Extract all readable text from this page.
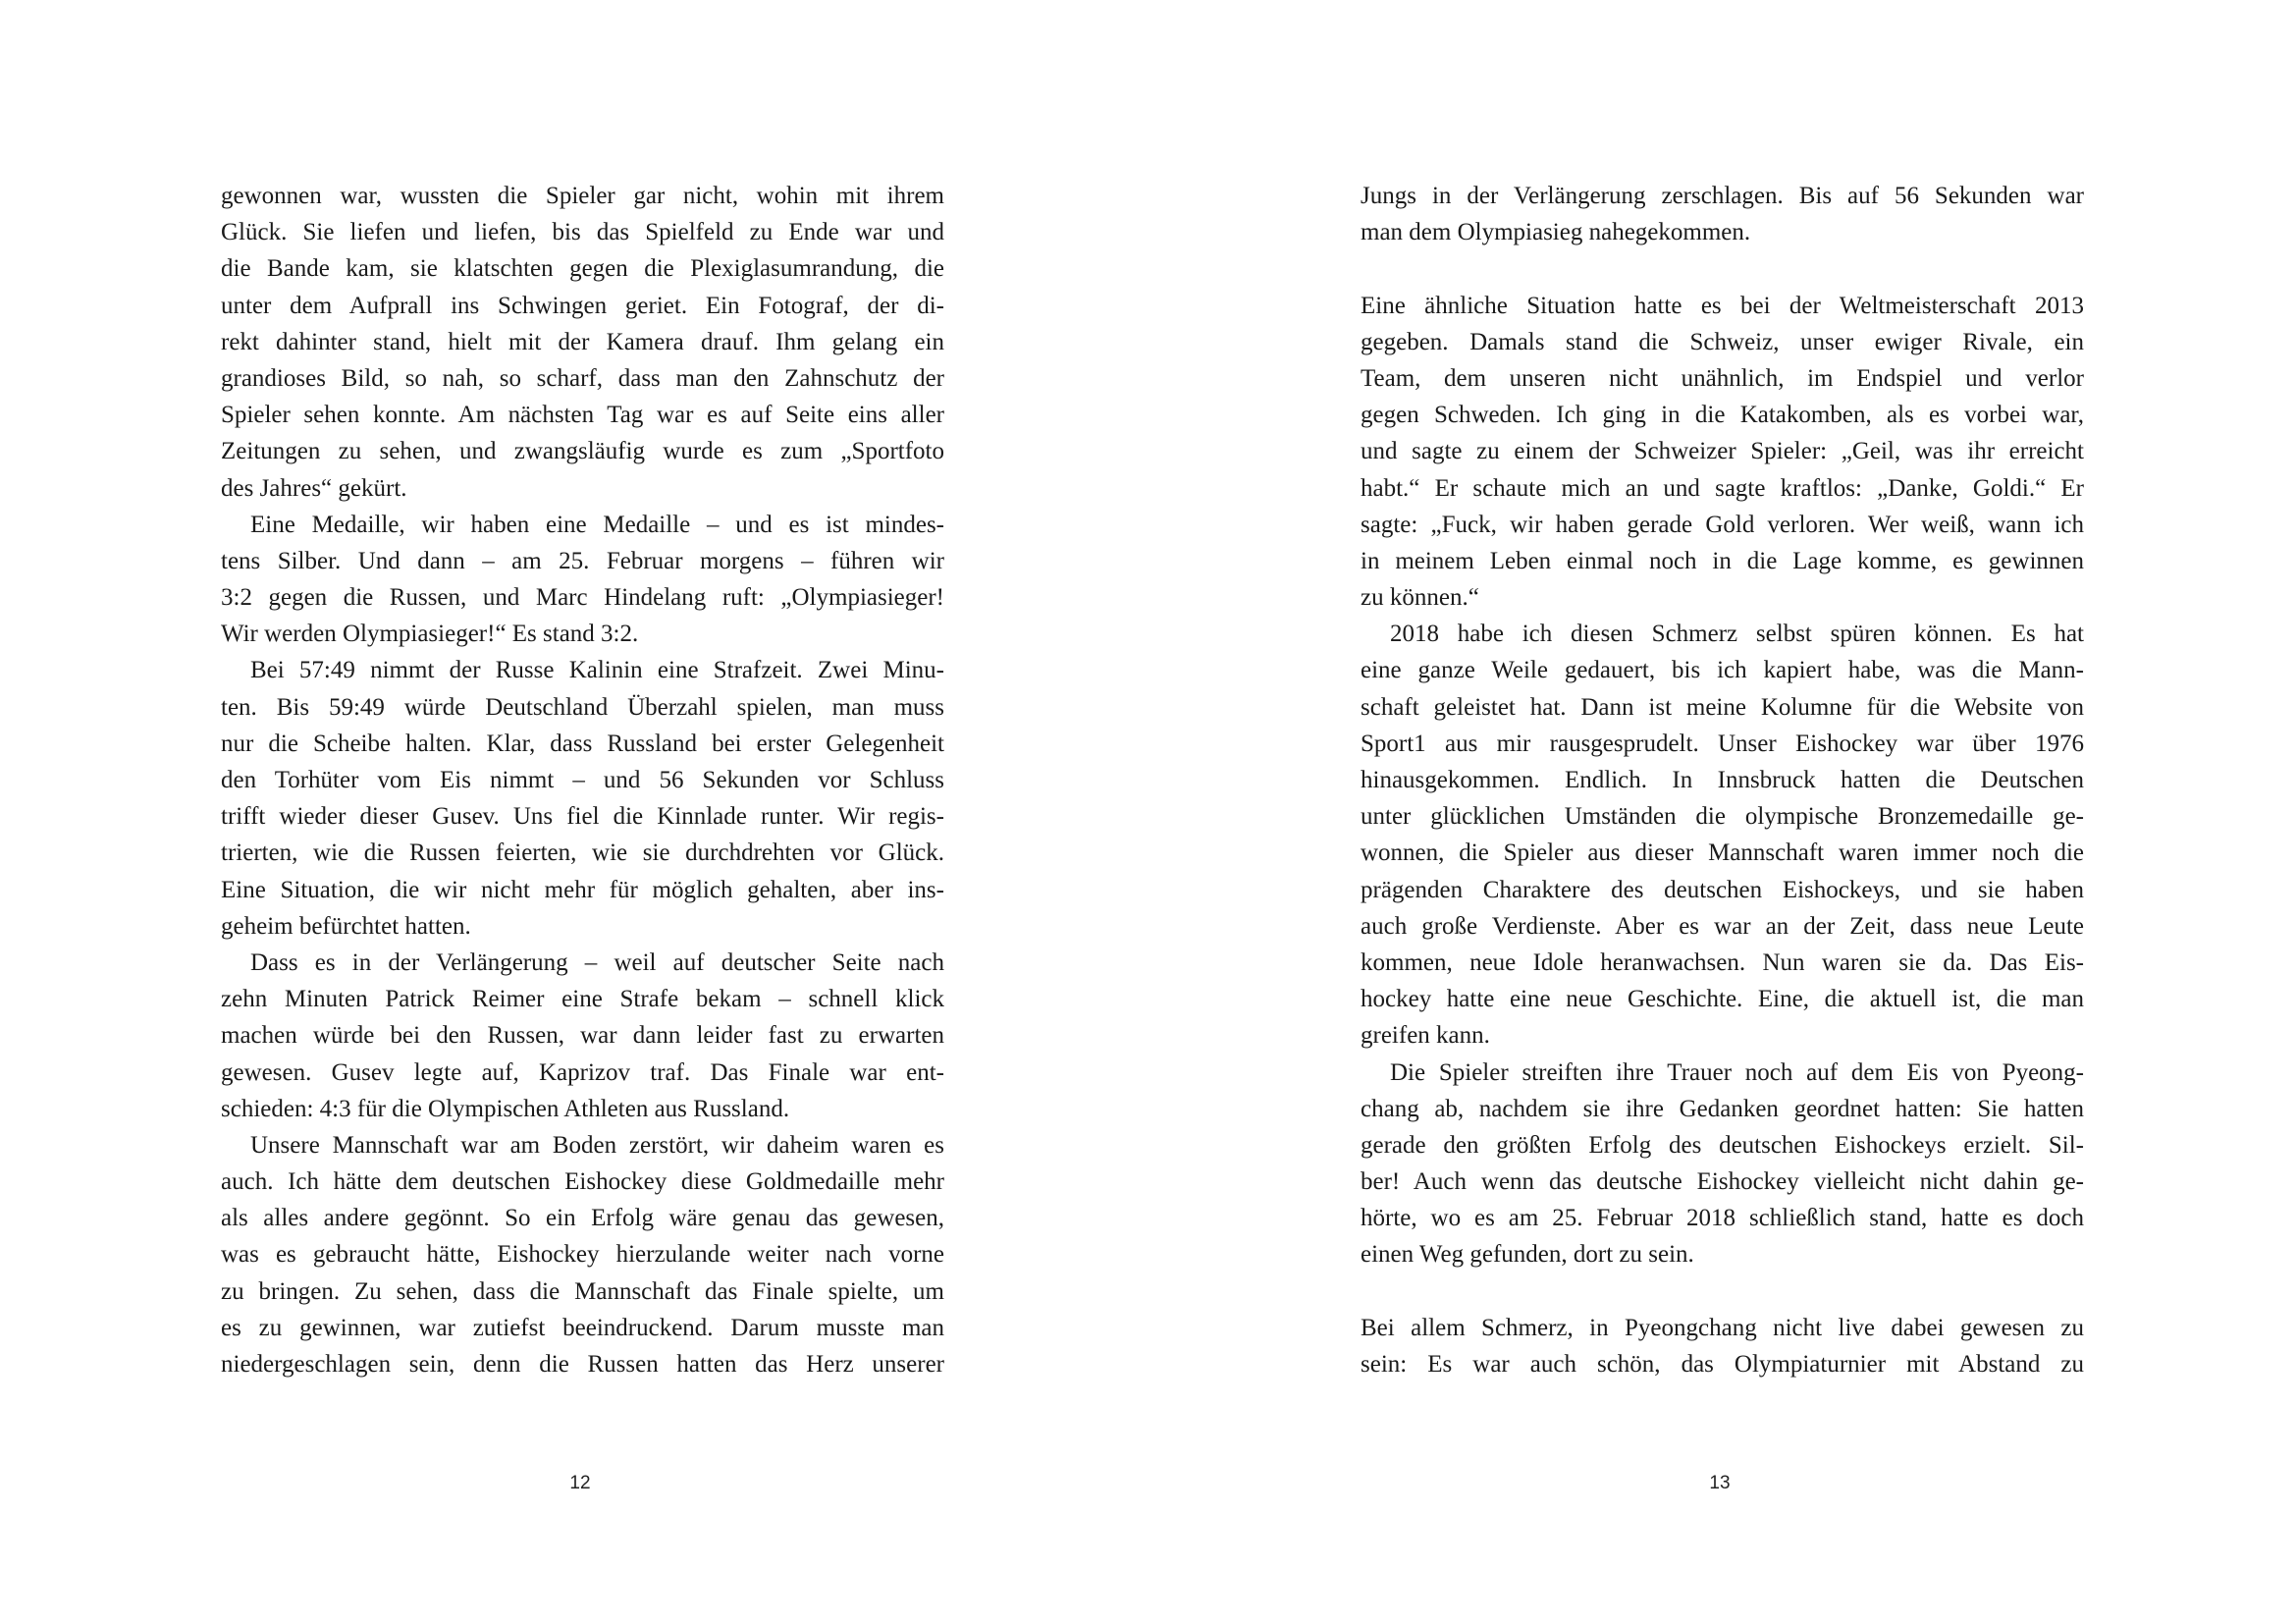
gewonnen war, wussten die Spieler gar nicht, wohin mit ihrem
Glück. Sie liefen und liefen, bis das Spielfeld zu Ende war und
die Bande kam, sie klatschten gegen die Plexiglasumrandung, die
unter dem Aufprall ins Schwingen geriet. Ein Fotograf, der di-
rekt dahinter stand, hielt mit der Kamera drauf. Ihm gelang ein
grandioses Bild, so nah, so scharf, dass man den Zahnschutz der
Spieler sehen konnte. Am nächsten Tag war es auf Seite eins aller
Zeitungen zu sehen, und zwangsläufig wurde es zum „Sportfoto
des Jahres“ gekürt.
Eine Medaille, wir haben eine Medaille – und es ist mindes-
tens Silber. Und dann – am 25. Februar morgens – führen wir
3:2 gegen die Russen, und Marc Hindelang ruft: „Olympiasieger!
Wir werden Olympiasieger!“ Es stand 3:2.
Bei 57:49 nimmt der Russe Kalinin eine Strafzeit. Zwei Minu-
ten. Bis 59:49 würde Deutschland Überzahl spielen, man muss
nur die Scheibe halten. Klar, dass Russland bei erster Gelegenheit
den Torhüter vom Eis nimmt – und 56 Sekunden vor Schluss
trifft wieder dieser Gusev. Uns fiel die Kinnlade runter. Wir regis-
trierten, wie die Russen feierten, wie sie durchdrehten vor Glück.
Eine Situation, die wir nicht mehr für möglich gehalten, aber ins-
geheim befürchtet hatten.
Dass es in der Verlängerung – weil auf deutscher Seite nach
zehn Minuten Patrick Reimer eine Strafe bekam – schnell klick
machen würde bei den Russen, war dann leider fast zu erwarten
gewesen. Gusev legte auf, Kaprizov traf. Das Finale war ent-
schieden: 4:3 für die Olympischen Athleten aus Russland.
Unsere Mannschaft war am Boden zerstört, wir daheim waren es
auch. Ich hätte dem deutschen Eishockey diese Goldmedaille mehr
als alles andere gegönnt. So ein Erfolg wäre genau das gewesen,
was es gebraucht hätte, Eishockey hierzulande weiter nach vorne
zu bringen. Zu sehen, dass die Mannschaft das Finale spielte, um
es zu gewinnen, war zutiefst beeindruckend. Darum musste man
niedergeschlagen sein, denn die Russen hatten das Herz unserer
12
Jungs in der Verlängerung zerschlagen. Bis auf 56 Sekunden war
man dem Olympiasieg nahegekommen.
Eine ähnliche Situation hatte es bei der Weltmeisterschaft 2013
gegeben. Damals stand die Schweiz, unser ewiger Rivale, ein
Team, dem unseren nicht unähnlich, im Endspiel und verlor
gegen Schweden. Ich ging in die Katakomben, als es vorbei war,
und sagte zu einem der Schweizer Spieler: „Geil, was ihr erreicht
habt.“ Er schaute mich an und sagte kraftlos: „Danke, Goldi.“ Er
sagte: „Fuck, wir haben gerade Gold verloren. Wer weiß, wann ich
in meinem Leben einmal noch in die Lage komme, es gewinnen
zu können.“
2018 habe ich diesen Schmerz selbst spüren können. Es hat
eine ganze Weile gedauert, bis ich kapiert habe, was die Mann-
schaft geleistet hat. Dann ist meine Kolumne für die Website von
Sport1 aus mir rausgesprudelt. Unser Eishockey war über 1976
hinausgekommen. Endlich. In Innsbruck hatten die Deutschen
unter glücklichen Umständen die olympische Bronzemedaille ge-
wonnen, die Spieler aus dieser Mannschaft waren immer noch die
prägenden Charaktere des deutschen Eishockeys, und sie haben
auch große Verdienste. Aber es war an der Zeit, dass neue Leute
kommen, neue Idole heranwachsen. Nun waren sie da. Das Eis-
hockey hatte eine neue Geschichte. Eine, die aktuell ist, die man
greifen kann.
Die Spieler streiften ihre Trauer noch auf dem Eis von Pyeong-
chang ab, nachdem sie ihre Gedanken geordnet hatten: Sie hatten
gerade den größten Erfolg des deutschen Eishockeys erzielt. Sil-
ber! Auch wenn das deutsche Eishockey vielleicht nicht dahin ge-
hörte, wo es am 25. Februar 2018 schließlich stand, hatte es doch
einen Weg gefunden, dort zu sein.
Bei allem Schmerz, in Pyeongchang nicht live dabei gewesen zu
sein: Es war auch schön, das Olympiaturnier mit Abstand zu
13
